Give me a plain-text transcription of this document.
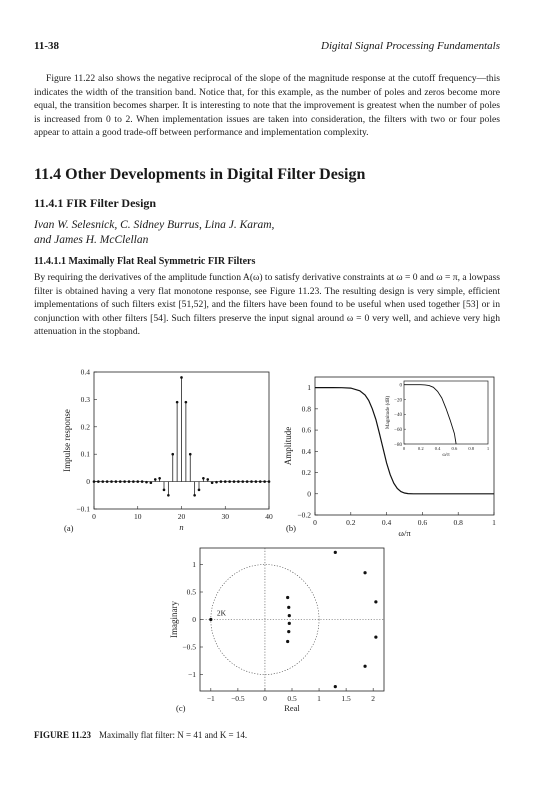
11-38	Digital Signal Processing Fundamentals

Figure 11.22 also shows the negative reciprocal of the slope of the magnitude response at the cutoff frequency—this indicates the width of the transition band. Notice that, for this example, as the number of poles and zeros become more equal, the transition becomes sharper. It is interesting to note that the improvement is greatest when the number of poles is increased from 0 to 2. When implementation issues are taken into consideration, the filters with two or four poles appear to attain a good trade-off between performance and implementation complexity.

11.4 Other Developments in Digital Filter Design
11.4.1 FIR Filter Design
Ivan W. Selesnick, C. Sidney Burrus, Lina J. Karam,
and James H. McClellan
11.4.1.1 Maximally Flat Real Symmetric FIR Filters

By requiring the derivatives of the amplitude function A(ω) to satisfy derivative constraints at ω = 0 and ω = π, a lowpass filter is obtained having a very flat monotone response, see Figure 11.23. The resulting design is very simple, efficient implementations of such filters exist [51,52], and the filters have been found to be useful when used together [53] or in conjunction with other filters [54]. Such filters preserve the input signal around ω = 0 very well, and achieve very high attenuation in the stopband.

0	10	20	30	40
−0.1
0
0.1
0.2
0.3
0.4
Impulse response
n
(a)
0	0.2	0.4	0.6	0.8	1
−0.2
0
0.2
0.4
0.6
0.8
1
Amplitude
ω/π
(b)
0	0.2 0.4 0.6 0.8	1
−80
−60
−40
−20
0
Magnitude (dB)
ω/π
−1 −0.5 0	0.5	1	1.5	2
−1
−0.5
0
0.5
1
2K
Imaginary
Real
(c)

FIGURE 11.23 Maximally flat filter: N = 41 and K = 14.
